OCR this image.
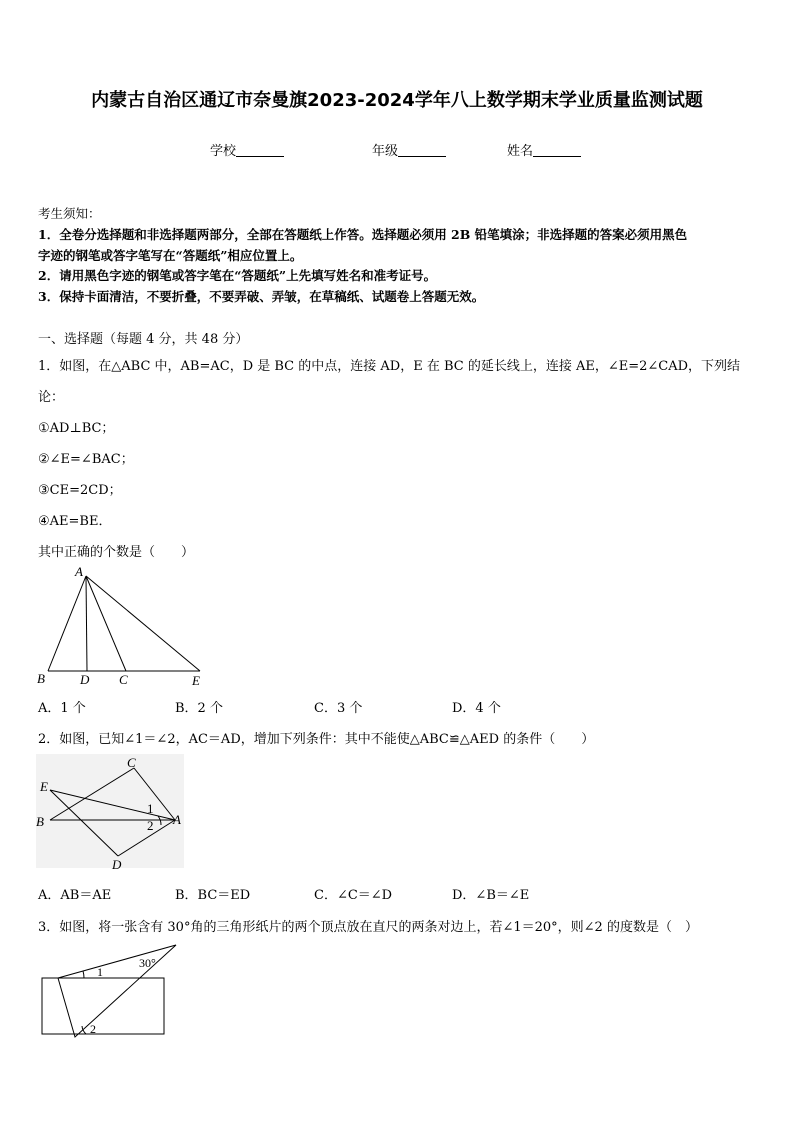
内蒙古自治区通辽市奈曼旗2023-2024学年八上数学期末学业质量监测试题
学校	年级	姓名
考生须知：
1．全卷分选择题和非选择题两部分，全部在答题纸上作答。选择题必须用 2B 铅笔填涂；非选择题的答案必须用黑色
字迹的钢笔或答字笔写在“答题纸”相应位置上。
2．请用黑色字迹的钢笔或答字笔在“答题纸”上先填写姓名和准考证号。
3．保持卡面清洁，不要折叠，不要弄破、弄皱，在草稿纸、试题卷上答题无效。
一、选择题（每题 4 分，共 48 分）
1．如图，在△ABC 中，AB=AC，D 是 BC 的中点，连接 AD，E 在 BC 的延长线上，连接 AE，∠E=2∠CAD，下列结
论：
①AD⊥BC；
②∠E=∠BAC；
③CE=2CD；
④AE=BE．
其中正确的个数是（　　）
A
B	D C	E
A．1 个	B．2 个	C．3 个	D．4 个
2．如图，已知∠1＝∠2，AC＝AD，增加下列条件：其中不能使△ABC≌△AED 的条件（　　）
C
E
B	A
D
1
2
A．AB＝AE	B．BC＝ED	C．∠C＝∠D	D．∠B＝∠E
3．如图，将一张含有 30°角的三角形纸片的两个顶点放在直尺的两条对边上，若∠1＝20°，则∠2 的度数是（　）
30°
1
2
